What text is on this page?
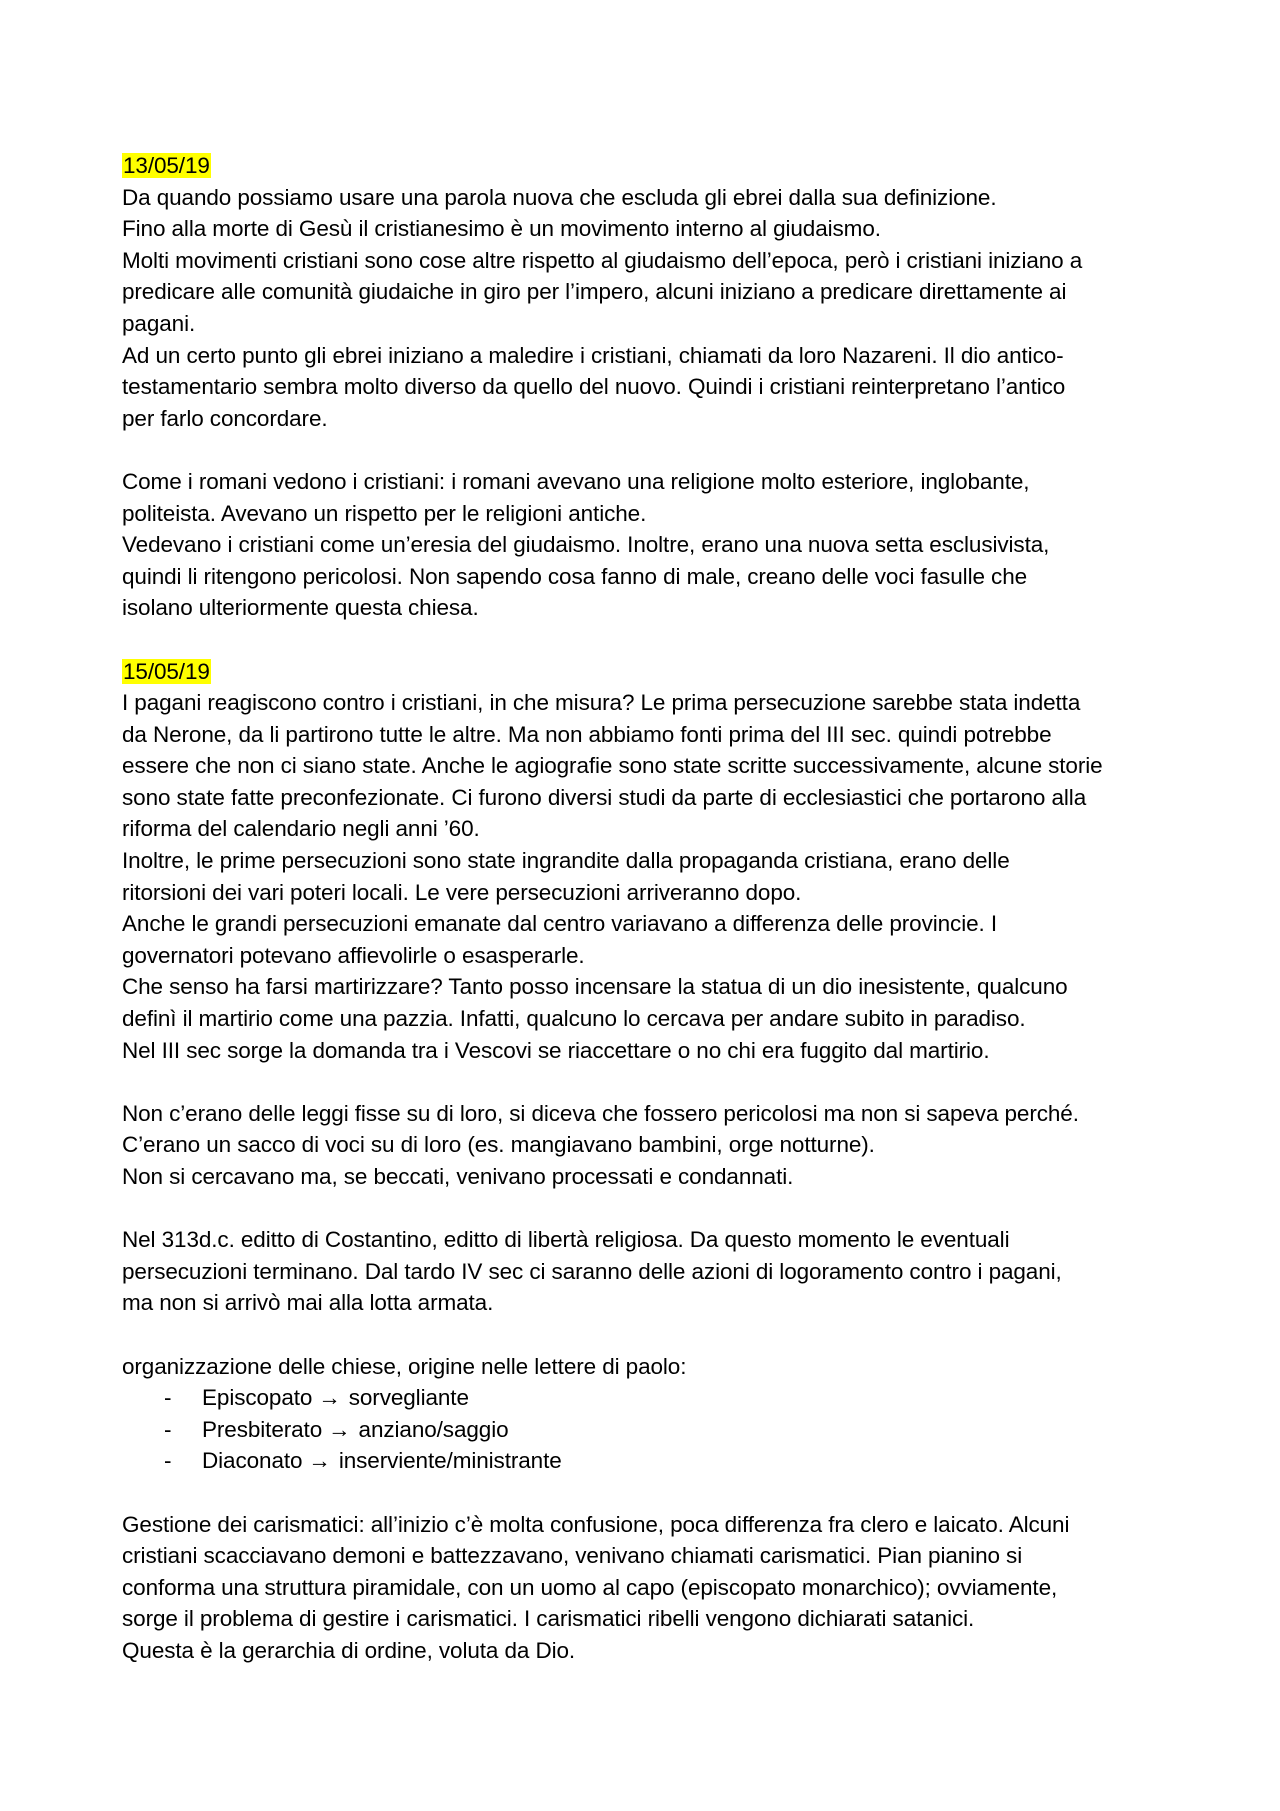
13/05/19
Da quando possiamo usare una parola nuova che escluda gli ebrei dalla sua definizione.
Fino alla morte di Gesù il cristianesimo è un movimento interno al giudaismo.
Molti movimenti cristiani sono cose altre rispetto al giudaismo dell’epoca, però i cristiani iniziano a
predicare alle comunità giudaiche in giro per l’impero, alcuni iniziano a predicare direttamente ai
pagani.
Ad un certo punto gli ebrei iniziano a maledire i cristiani, chiamati da loro Nazareni. Il dio antico-
testamentario sembra molto diverso da quello del nuovo. Quindi i cristiani reinterpretano l’antico
per farlo concordare.
Come i romani vedono i cristiani: i romani avevano una religione molto esteriore, inglobante,
politeista. Avevano un rispetto per le religioni antiche.
Vedevano i cristiani come un’eresia del giudaismo. Inoltre, erano una nuova setta esclusivista,
quindi li ritengono pericolosi. Non sapendo cosa fanno di male, creano delle voci fasulle che
isolano ulteriormente questa chiesa.
15/05/19
I pagani reagiscono contro i cristiani, in che misura? Le prima persecuzione sarebbe stata indetta
da Nerone, da li partirono tutte le altre. Ma non abbiamo fonti prima del III sec. quindi potrebbe
essere che non ci siano state. Anche le agiografie sono state scritte successivamente, alcune storie
sono state fatte preconfezionate. Ci furono diversi studi da parte di ecclesiastici che portarono alla
riforma del calendario negli anni ’60.
Inoltre, le prime persecuzioni sono state ingrandite dalla propaganda cristiana, erano delle
ritorsioni dei vari poteri locali. Le vere persecuzioni arriveranno dopo.
Anche le grandi persecuzioni emanate dal centro variavano a differenza delle provincie. I
governatori potevano affievolirle o esasperarle.
Che senso ha farsi martirizzare? Tanto posso incensare la statua di un dio inesistente, qualcuno
definì il martirio come una pazzia. Infatti, qualcuno lo cercava per andare subito in paradiso.
Nel III sec sorge la domanda tra i Vescovi se riaccettare o no chi era fuggito dal martirio.
Non c’erano delle leggi fisse su di loro, si diceva che fossero pericolosi ma non si sapeva perché.
C’erano un sacco di voci su di loro (es. mangiavano bambini, orge notturne).
Non si cercavano ma, se beccati, venivano processati e condannati.
Nel 313d.c. editto di Costantino, editto di libertà religiosa. Da questo momento le eventuali
persecuzioni terminano. Dal tardo IV sec ci saranno delle azioni di logoramento contro i pagani,
ma non si arrivò mai alla lotta armata.
organizzazione delle chiese, origine nelle lettere di paolo:
-	Episcopato → sorvegliante
-	Presbiterato → anziano/saggio
-	Diaconato → inserviente/ministrante
Gestione dei carismatici: all’inizio c’è molta confusione, poca differenza fra clero e laicato. Alcuni
cristiani scacciavano demoni e battezzavano, venivano chiamati carismatici. Pian pianino si
conforma una struttura piramidale, con un uomo al capo (episcopato monarchico); ovviamente,
sorge il problema di gestire i carismatici. I carismatici ribelli vengono dichiarati satanici.
Questa è la gerarchia di ordine, voluta da Dio.
